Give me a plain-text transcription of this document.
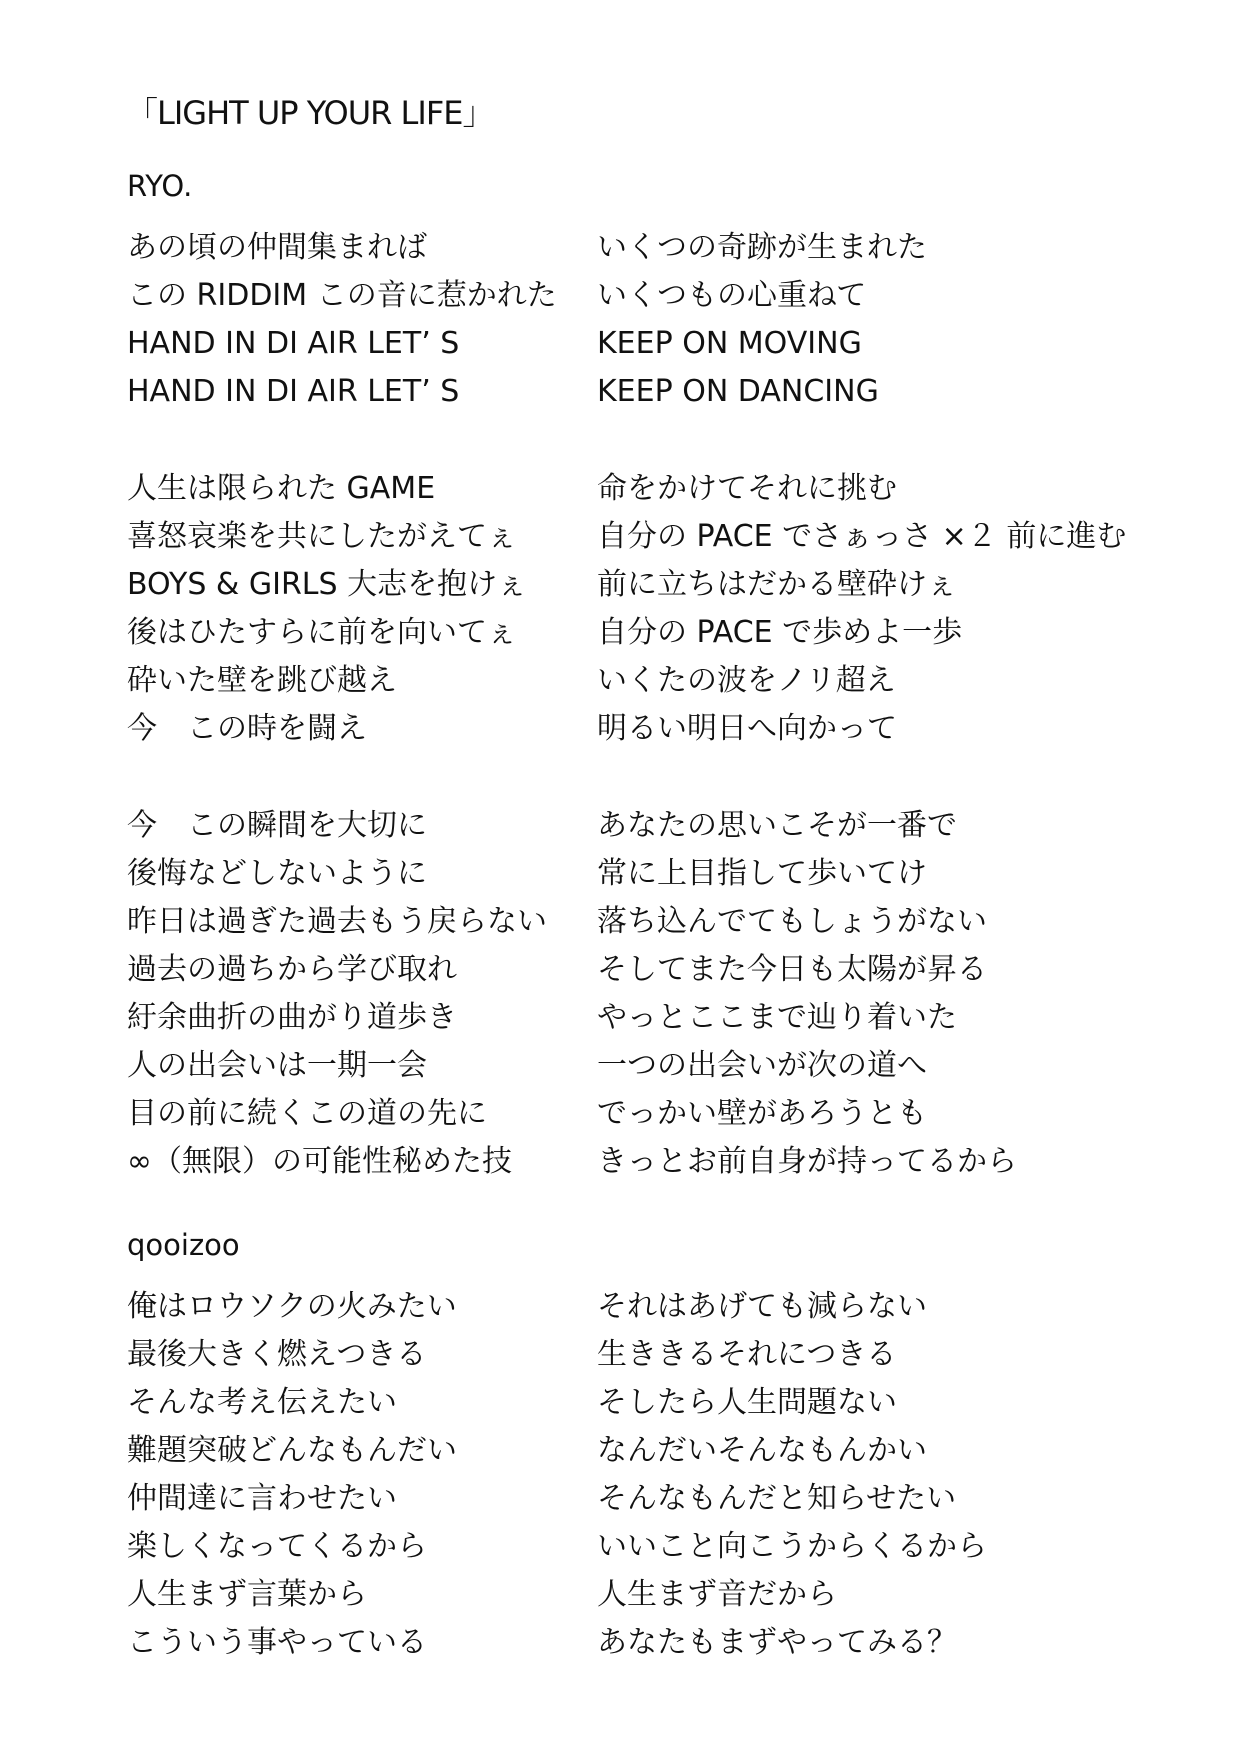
「LIGHT UP YOUR LIFE」
RYO.
あの頃の仲間集まれば
この RIDDIM この音に惹かれた
HAND IN DI AIR LET’ S
HAND IN DI AIR LET’ S
いくつの奇跡が生まれた
いくつもの心重ねて
KEEP ON MOVING
KEEP ON DANCING
人生は限られた GAME
喜怒哀楽を共にしたがえてぇ
BOYS & GIRLS 大志を抱けぇ
後はひたすらに前を向いてぇ
砕いた壁を跳び越え
今　この時を闘え
命をかけてそれに挑む
自分の PACE でさぁっさ ×２ 前に進む
前に立ちはだかる壁砕けぇ
自分の PACE で歩めよ一歩
いくたの波をノリ超え
明るい明日へ向かって
今　この瞬間を大切に
後悔などしないように
昨日は過ぎた過去もう戻らない
過去の過ちから学び取れ
紆余曲折の曲がり道歩き
人の出会いは一期一会
目の前に続くこの道の先に
∞（無限）の可能性秘めた技
あなたの思いこそが一番で
常に上目指して歩いてけ
落ち込んでてもしょうがない
そしてまた今日も太陽が昇る
やっとここまで辿り着いた
一つの出会いが次の道へ
でっかい壁があろうとも
きっとお前自身が持ってるから
qooizoo
俺はロウソクの火みたい
最後大きく燃えつきる
そんな考え伝えたい
難題突破どんなもんだい
仲間達に言わせたい
楽しくなってくるから
人生まず言葉から
こういう事やっている
それはあげても減らない
生ききるそれにつきる
そしたら人生問題ない
なんだいそんなもんかい
そんなもんだと知らせたい
いいこと向こうからくるから
人生まず音だから
あなたもまずやってみる？
